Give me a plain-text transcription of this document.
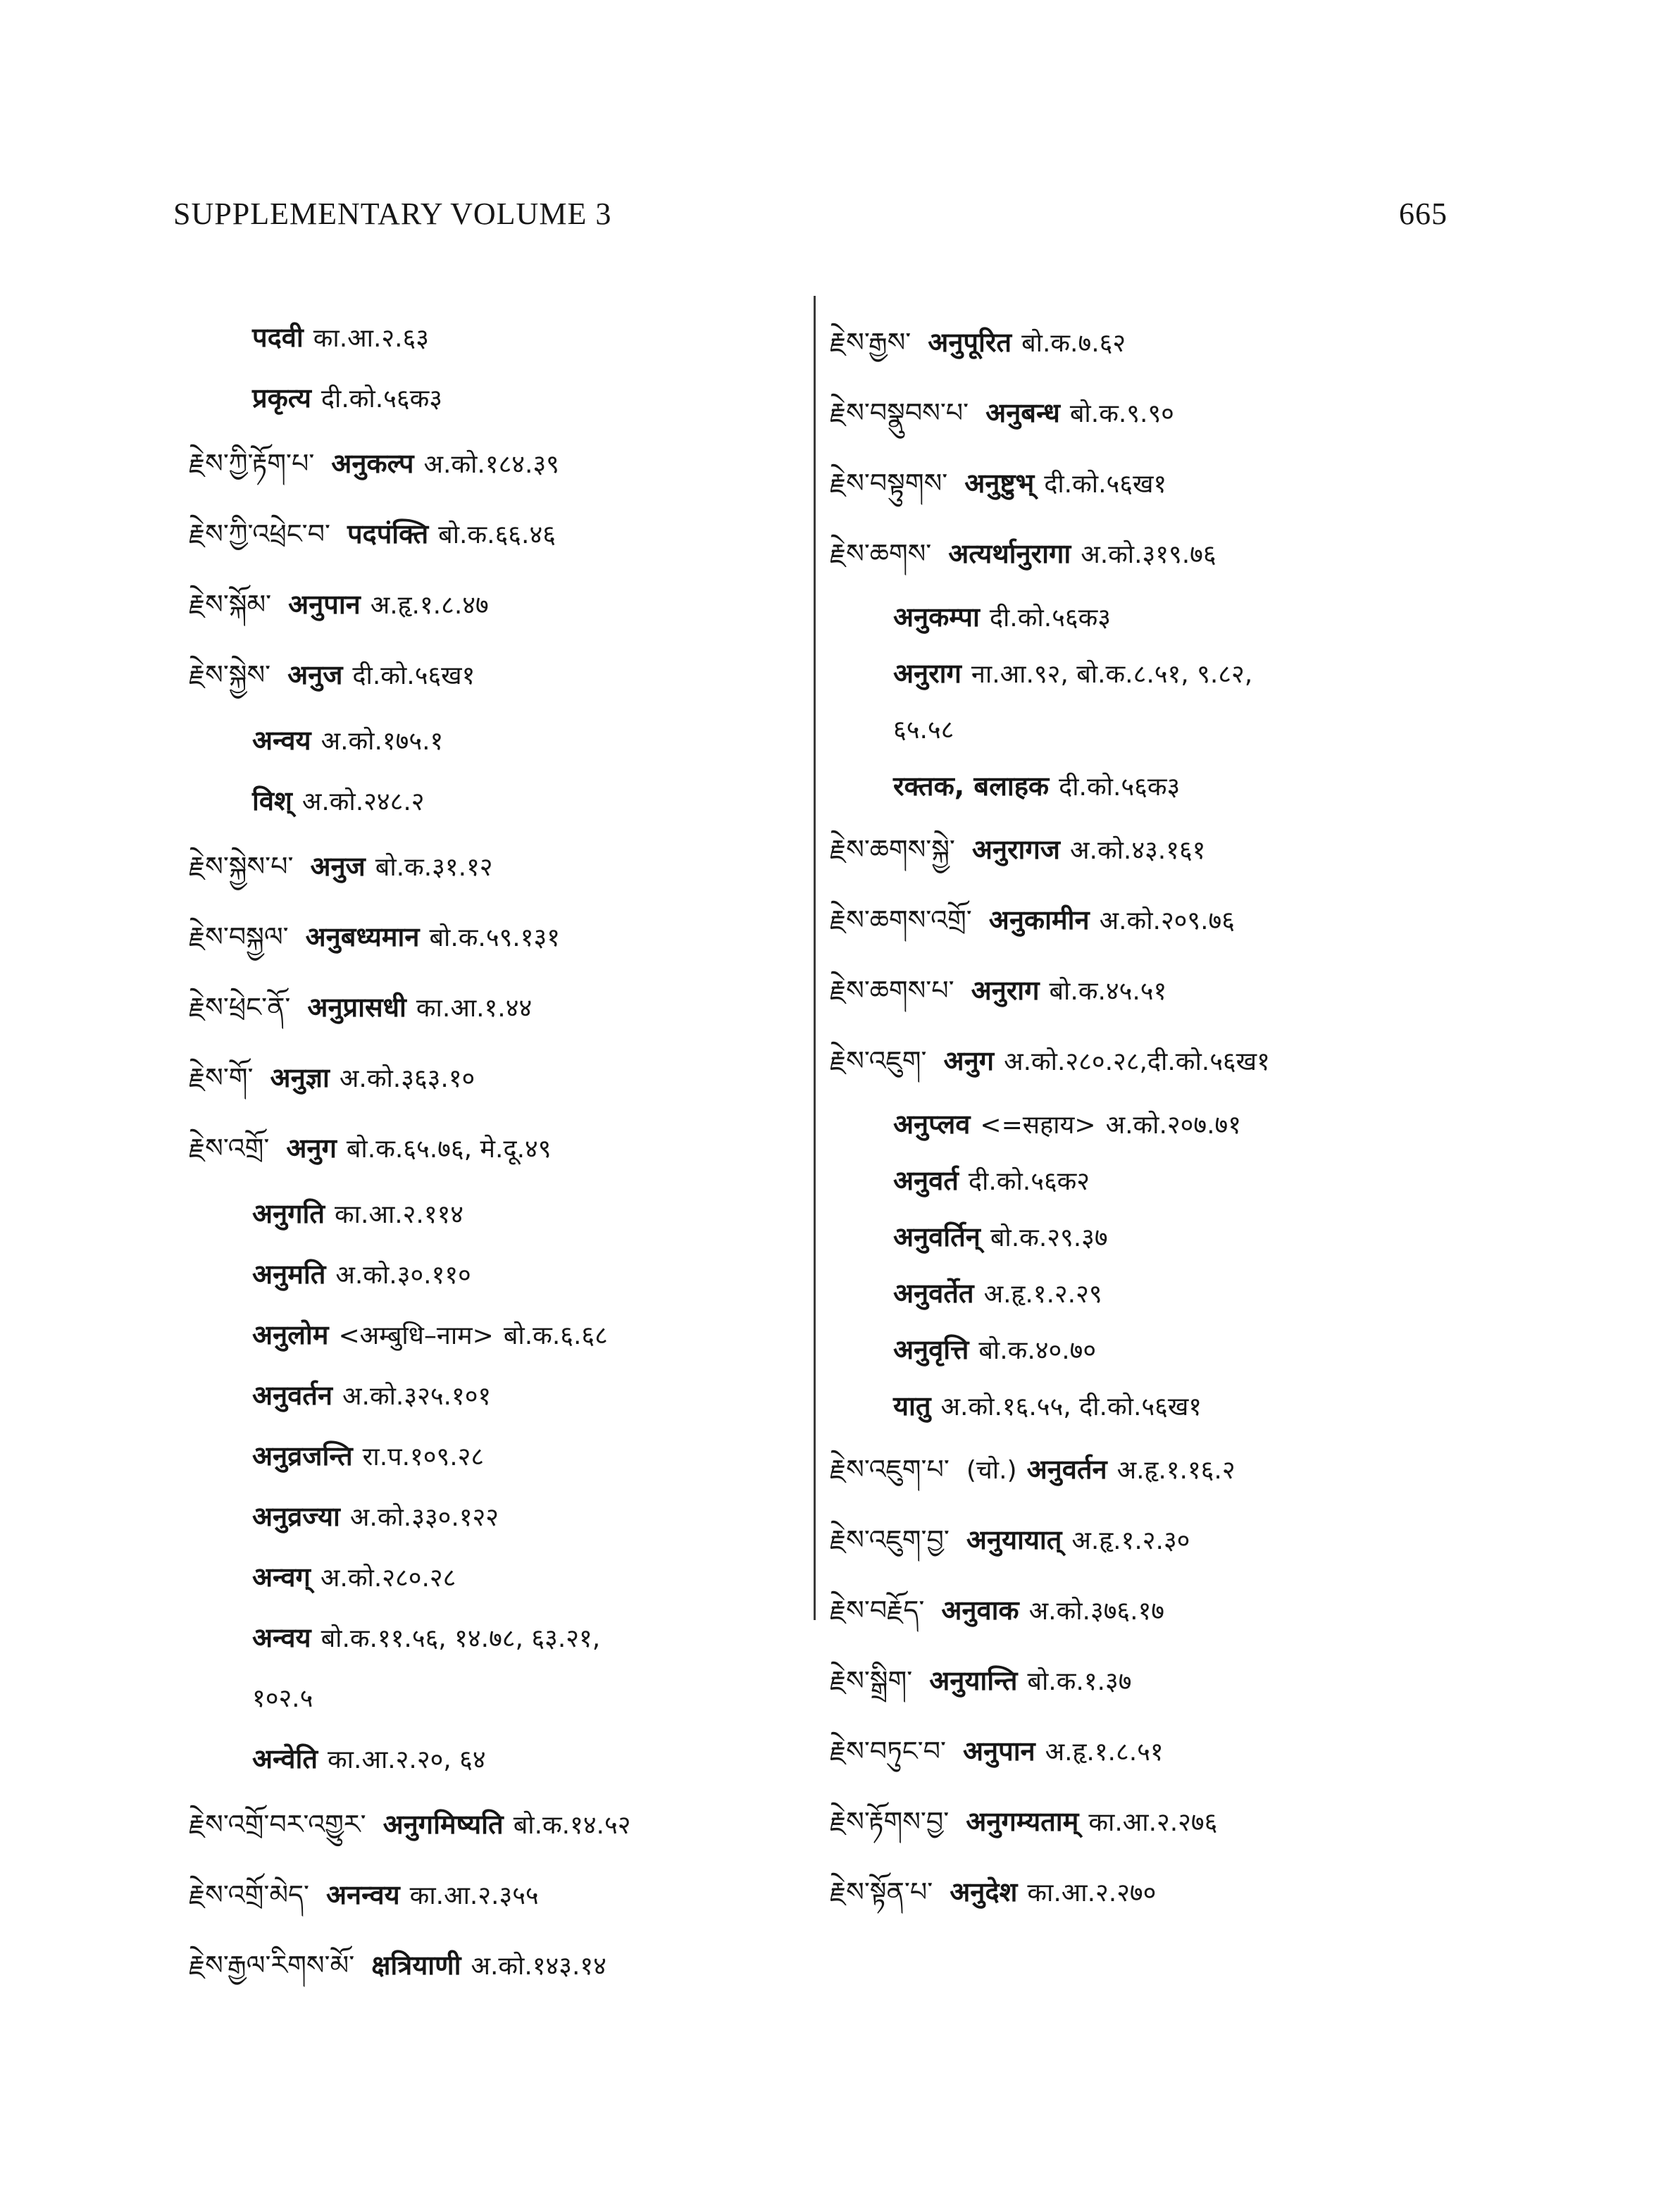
SUPPLEMENTARY VOLUME 3	665
पदवी का.आ.२.६३
प्रकृत्य दी.को.५६क३
རྗེས་ཀྱི་རྟོག་པ་ अनुकल्प अ.को.१८४.३९
རྗེས་ཀྱི་འཕྲེང་བ་ पदपंक्ति बो.क.६६.४६
རྗེས་སྐོམ་ अनुपान अ.हृ.१.८.४७
རྗེས་སྐྱེས་ अनुज दी.को.५६ख१
अन्वय अ.को.१७५.१
विश् अ.को.२४८.२
རྗེས་སྐྱེས་པ་ अनुज बो.क.३१.१२
རྗེས་བསྐྱལ་ अनुबध्यमान बो.क.५९.१३१
རྗེས་ཕྲེང་ནོ་ अनुप्रासधी का.आ.१.४४
རྗེས་གོ་ अनुज्ञा अ.को.३६३.१०
རྗེས་འགྲོ་ अनुग बो.क.६५.७६, मे.दू.४९
अनुगति का.आ.२.११४
अनुमति अ.को.३०.११०
अनुलोम <अम्बुधि–नाम> बो.क.६.६८
अनुवर्तन अ.को.३२५.१०१
अनुव्रजन्ति रा.प.१०९.२८
अनुव्रज्या अ.को.३३०.१२२
अन्वग् अ.को.२८०.२८
अन्वय बो.क.११.५६, १४.७८, ६३.२१,
१०२.५
अन्वेति का.आ.२.२०, ६४
རྗེས་འགྲོ་བར་འགྱུར་ अनुगमिष्यति बो.क.१४.५२
རྗེས་འགྲོ་མེད་ अनन्वय का.आ.२.३५५
རྗེས་རྒྱལ་རིགས་མོ་ क्षत्रियाणी अ.को.१४३.१४
རྗེས་རྒྱས་ अनुपूरित बो.क.७.६२
རྗེས་བསྣུབས་པ་ अनुबन्ध बो.क.९.९०
རྗེས་བསྟུགས་ अनुष्टुभ् दी.को.५६ख१
རྗེས་ཆགས་ अत्यर्थानुरागा अ.को.३१९.७६
अनुकम्पा दी.को.५६क३
अनुराग ना.आ.९२, बो.क.८.५१, ९.८२,
६५.५८
रक्तक, बलाहक दी.को.५६क३
རྗེས་ཆགས་སྐྱེ་ अनुरागज अ.को.४३.१६१
རྗེས་ཆགས་འགྲོ་ अनुकामीन अ.को.२०९.७६
རྗེས་ཆགས་པ་ अनुराग बो.क.४५.५१
རྗེས་འཇུག་ अनुग अ.को.२८०.२८,दी.को.५६ख१
अनुप्लव <=सहाय> अ.को.२०७.७१
अनुवर्त दी.को.५६क२
अनुवर्तिन् बो.क.२९.३७
अनुवर्तेत अ.हृ.१.२.२९
अनुवृत्ति बो.क.४०.७०
यातु अ.को.१६.५५, दी.को.५६ख१
རྗེས་འཇུག་པ་ (चो.) अनुवर्तन अ.हृ.१.१६.२
རྗེས་འཇུག་བྱ་ अनुयायात् अ.हृ.१.२.३०
རྗེས་བརྗོད་ अनुवाक अ.को.३७६.१७
རྗེས་སྒྲིག་ अनुयान्ति बो.क.१.३७
རྗེས་བཏུང་བ་ अनुपान अ.हृ.१.८.५१
རྗེས་རྟོགས་བྱ་ अनुगम्यताम् का.आ.२.२७६
རྗེས་སྟོན་པ་ अनुदेश का.आ.२.२७०
